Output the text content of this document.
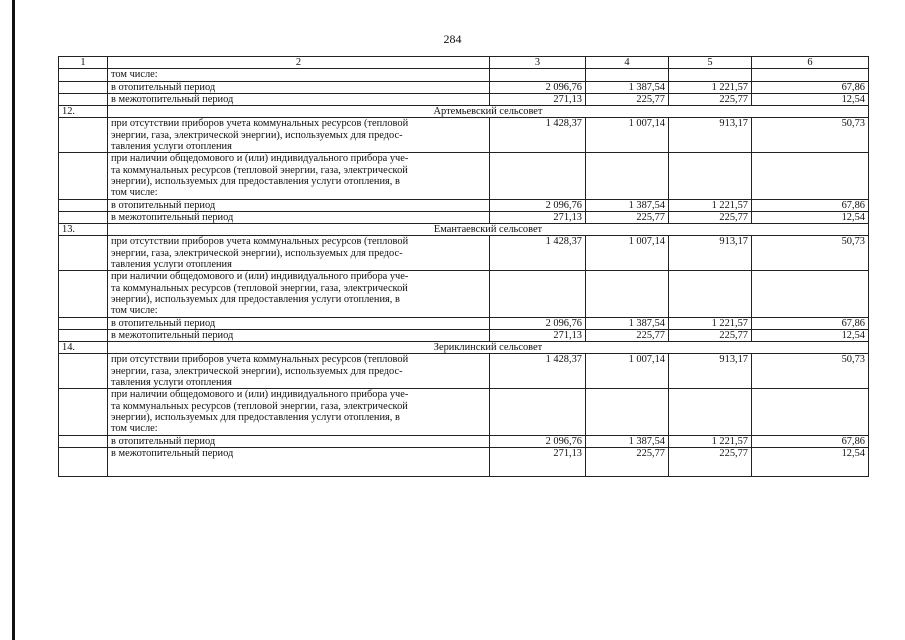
284
1	2	3	4	5	6
	том числе:				
	в отопительный период	2 096,76	1 387,54	1 221,57	67,86
	в межотопительный период	271,13	225,77	225,77	12,54
12.	Артемьевский сельсовет				

	при отсутствии приборов учета коммунальных ресурсов (тепловой
энергии, газа, электрической энергии), используемых для предос-
тавления услуги отопления	1 428,37	1 007,14	913,17	50,73

	при наличии общедомового и (или) индивидуального прибора уче-
та коммунальных ресурсов (тепловой энергии, газа, электрической
энергии), используемых для предоставления услуги отопления, в
том числе:				

	в отопительный период	2 096,76	1 387,54	1 221,57	67,86
	в межотопительный период	271,13	225,77	225,77	12,54
13.	Емантаевский сельсовет				

	при отсутствии приборов учета коммунальных ресурсов (тепловой
энергии, газа, электрической энергии), используемых для предос-
тавления услуги отопления	1 428,37	1 007,14	913,17	50,73

	при наличии общедомового и (или) индивидуального прибора уче-
та коммунальных ресурсов (тепловой энергии, газа, электрической
энергии), используемых для предоставления услуги отопления, в
том числе:				

	в отопительный период	2 096,76	1 387,54	1 221,57	67,86
	в межотопительный период	271,13	225,77	225,77	12,54
14.	Зериклинский сельсовет				

	при отсутствии приборов учета коммунальных ресурсов (тепловой
энергии, газа, электрической энергии), используемых для предос-
тавления услуги отопления	1 428,37	1 007,14	913,17	50,73

	при наличии общедомового и (или) индивидуального прибора уче-
та коммунальных ресурсов (тепловой энергии, газа, электрической
энергии), используемых для предоставления услуги отопления, в
том числе:				

	в отопительный период	2 096,76	1 387,54	1 221,57	67,86
	в межотопительный период	271,13	225,77	225,77	12,54
